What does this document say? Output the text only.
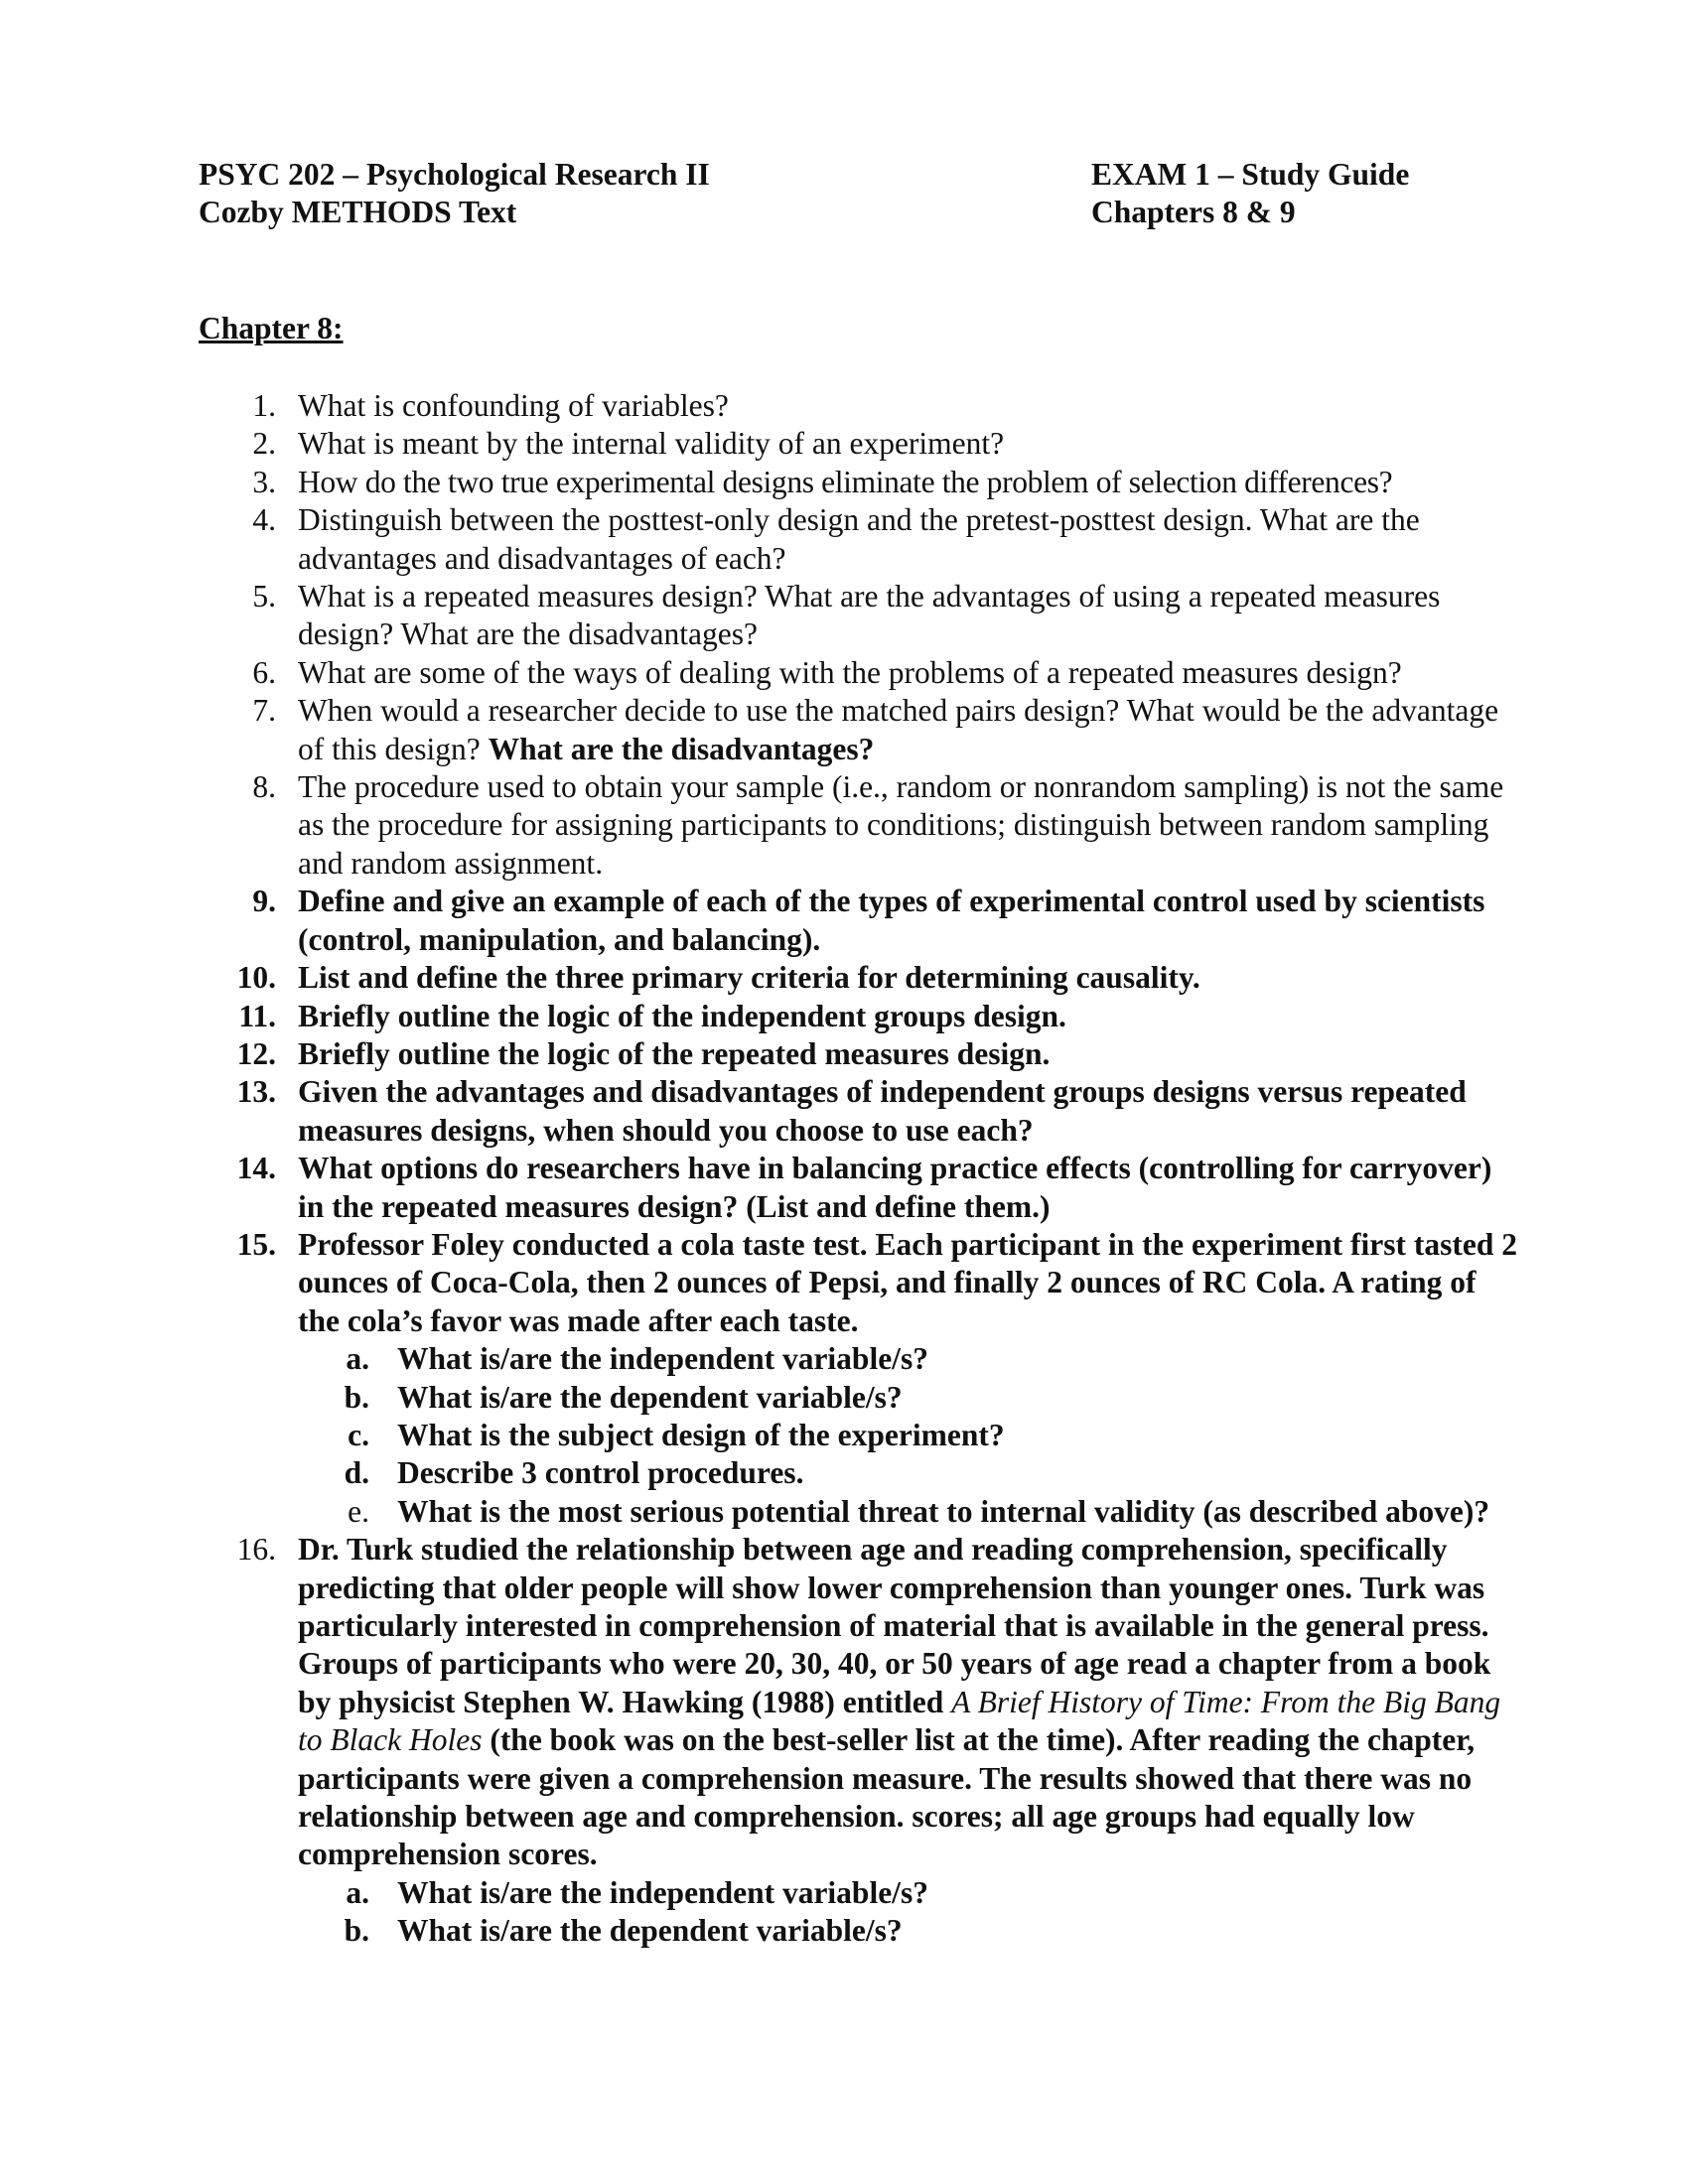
PSYC 202 – Psychological Research II
Cozby METHODS Text
EXAM 1 – Study Guide
Chapters 8 & 9
Chapter 8:
1. What is confounding of variables?
2. What is meant by the internal validity of an experiment?
3. How do the two true experimental designs eliminate the problem of selection differences?
4. Distinguish between the posttest-only design and the pretest-posttest design. What are the advantages and disadvantages of each?
5. What is a repeated measures design? What are the advantages of using a repeated measures design? What are the disadvantages?
6. What are some of the ways of dealing with the problems of a repeated measures design?
7. When would a researcher decide to use the matched pairs design? What would be the advantage of this design? What are the disadvantages?
8. The procedure used to obtain your sample (i.e., random or nonrandom sampling) is not the same as the procedure for assigning participants to conditions; distinguish between random sampling and random assignment.
9. Define and give an example of each of the types of experimental control used by scientists (control, manipulation, and balancing).
10. List and define the three primary criteria for determining causality.
11. Briefly outline the logic of the independent groups design.
12. Briefly outline the logic of the repeated measures design.
13. Given the advantages and disadvantages of independent groups designs versus repeated measures designs, when should you choose to use each?
14. What options do researchers have in balancing practice effects (controlling for carryover) in the repeated measures design? (List and define them.)
15. Professor Foley conducted a cola taste test. Each participant in the experiment first tasted 2 ounces of Coca-Cola, then 2 ounces of Pepsi, and finally 2 ounces of RC Cola. A rating of the cola’s favor was made after each taste.
a. What is/are the independent variable/s?
b. What is/are the dependent variable/s?
c. What is the subject design of the experiment?
d. Describe 3 control procedures.
e. What is the most serious potential threat to internal validity (as described above)?
16. Dr. Turk studied the relationship between age and reading comprehension, specifically predicting that older people will show lower comprehension than younger ones. Turk was particularly interested in comprehension of material that is available in the general press. Groups of participants who were 20, 30, 40, or 50 years of age read a chapter from a book by physicist Stephen W. Hawking (1988) entitled A Brief History of Time: From the Big Bang to Black Holes (the book was on the best-seller list at the time). After reading the chapter, participants were given a comprehension measure. The results showed that there was no relationship between age and comprehension. scores; all age groups had equally low comprehension scores.
a. What is/are the independent variable/s?
b. What is/are the dependent variable/s?
